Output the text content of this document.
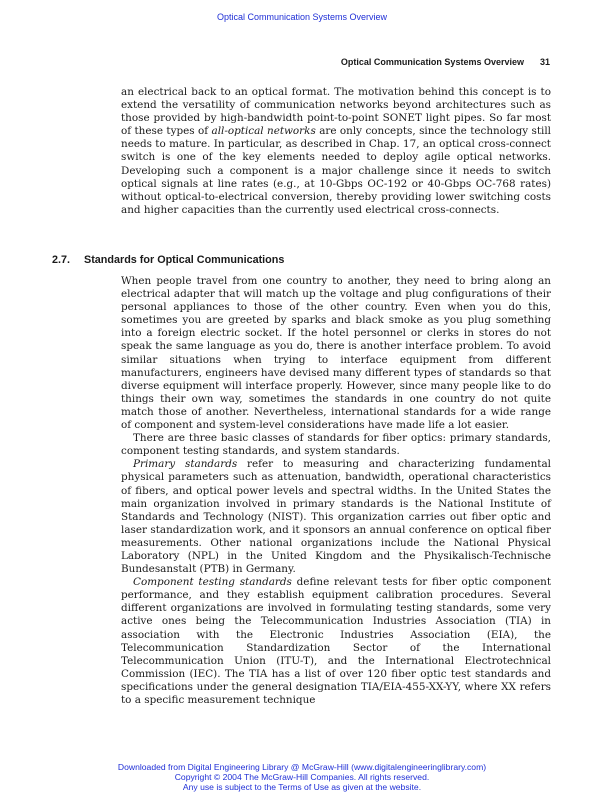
Optical Communication Systems Overview
Optical Communication Systems Overview 31

an electrical back to an optical format. The motivation behind this concept is to extend the versatility of communication networks beyond architectures such as those provided by high-bandwidth point-to-point SONET light pipes. So far most of these types of all-optical networks are only concepts, since the technology still needs to mature. In particular, as described in Chap. 17, an optical cross-connect switch is one of the key elements needed to deploy agile optical networks. Developing such a component is a major challenge since it needs to switch optical signals at line rates (e.g., at 10-Gbps OC-192 or 40-Gbps OC-768 rates) without optical-to-electrical conversion, thereby providing lower switching costs and higher capacities than the currently used electrical cross-connects.

2.7. Standards for Optical Communications

When people travel from one country to another, they need to bring along an electrical adapter that will match up the voltage and plug configurations of their personal appliances to those of the other country. Even when you do this, sometimes you are greeted by sparks and black smoke as you plug something into a foreign electric socket. If the hotel personnel or clerks in stores do not speak the same language as you do, there is another interface problem. To avoid similar situations when trying to interface equipment from different manufacturers, engineers have devised many different types of standards so that diverse equipment will interface properly. However, since many people like to do things their own way, sometimes the standards in one country do not quite match those of another. Nevertheless, international standards for a wide range of component and system-level considerations have made life a lot easier.

There are three basic classes of standards for fiber optics: primary standards, component testing standards, and system standards.

Primary standards refer to measuring and characterizing fundamental physical parameters such as attenuation, bandwidth, operational characteristics of fibers, and optical power levels and spectral widths. In the United States the main organization involved in primary standards is the National Institute of Standards and Technology (NIST). This organization carries out fiber optic and laser standardization work, and it sponsors an annual conference on optical fiber measurements. Other national organizations include the National Physical Laboratory (NPL) in the United Kingdom and the Physikalisch-Technische Bundesanstalt (PTB) in Germany.

Component testing standards define relevant tests for fiber optic component performance, and they establish equipment calibration procedures. Several different organizations are involved in formulating testing standards, some very active ones being the Telecommunication Industries Association (TIA) in association with the Electronic Industries Association (EIA), the Telecommunication Standardization Sector of the International Telecommunication Union (ITU-T), and the International Electrotechnical Commission (IEC). The TIA has a list of over 120 fiber optic test standards and specifications under the general designation TIA/EIA-455-XX-YY, where XX refers to a specific measurement technique

Downloaded from Digital Engineering Library @ McGraw-Hill (www.digitalengineeringlibrary.com)
Copyright © 2004 The McGraw-Hill Companies. All rights reserved.
Any use is subject to the Terms of Use as given at the website.
